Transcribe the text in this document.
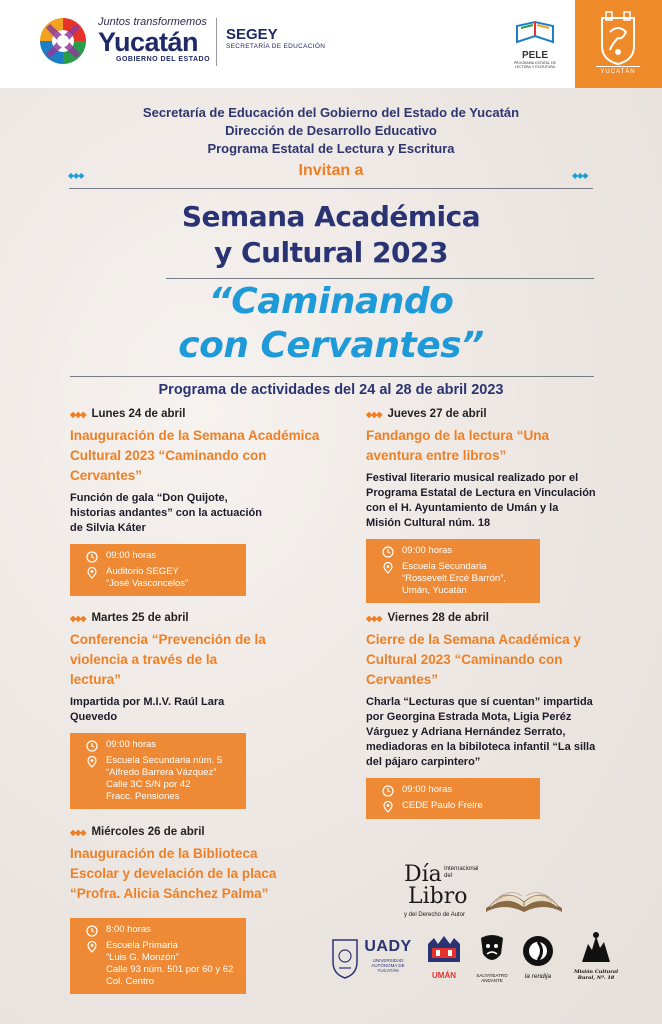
Juntos transformemos
Yucatán
GOBIERNO DEL ESTADO
SEGEY
SECRETARÍA DE EDUCACIÓN
PELE
PROGRAMA ESTATAL DE LECTURA Y ESCRITURA
YUCATÁN
Secretaría de Educación del Gobierno del Estado de Yucatán
Dirección de Desarrollo Educativo
Programa Estatal de Lectura y Escritura
◆◆◆	◆◆◆
Invitan a
Semana Académica
y Cultural 2023
“Caminando
con Cervantes”
Programa de actividades del 24 al 28 de abril 2023
◆◆◆ Lunes 24 de abril
Inauguración de la Semana Académica Cultural 2023 “Caminando con Cervantes”
Función de gala “Don Quijote, historias andantes” con la actuación de Silvia Káter
09:00 horas
Auditorio SEGEY
“José Vasconcelos”
◆◆◆ Martes 25 de abril
Conferencia “Prevención de la violencia a través de la lectura”
Impartida por M.I.V. Raúl Lara Quevedo
09:00 horas
Escuela Secundaria núm. 5
“Alfredo Barrera Vázquez”
Calle 3C S/N por 42
Fracc. Pensiones
◆◆◆ Miércoles 26 de abril
Inauguración de la Biblioteca Escolar y develación de la placa “Profra. Alicia Sánchez Palma”
8:00 horas
Escuela Primaria
“Luis G. Monzón”
Calle 93 núm. 501 por 60 y 62
Col. Centro
◆◆◆ Jueves 27 de abril
Fandango de la lectura “Una aventura entre libros”
Festival literario musical realizado por el Programa Estatal de Lectura en Vinculación con el H. Ayuntamiento de Umán y la Misión Cultural núm. 18
09:00 horas
Escuela Secundaria
“Rossevelt Ercé Barrón”,
Umán, Yucatán
◆◆◆ Viernes 28 de abril
Cierre de la Semana Académica y Cultural 2023 “Caminando con Cervantes”
Charla “Lecturas que sí cuentan” impartida por Georgina Estrada Mota, Ligia Peréz Várguez y Adriana Hernández Serrato, mediadoras en la bibiloteca infantil “La silla del pájaro carpintero”
09:00 horas
CEDE Paulo Freire
Día Internacional del
Libro
y del Derecho de Autor
UADY
UNIVERSIDAD AUTÓNOMA DE YUCATÁN
UMÁN	SALTATEATRO ANDANTE
la rendija
Misión Cultural Rural, Nº. 18
